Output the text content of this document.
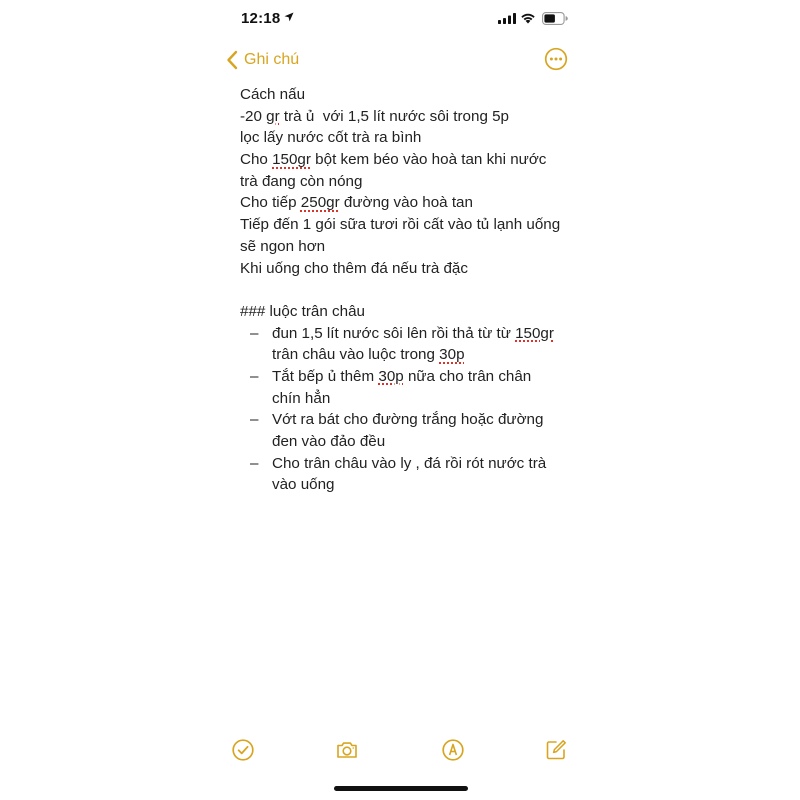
12:18
Ghi chú
Cách nấu
-20 gr trà ủ  với 1,5 lít nước sôi trong 5p
lọc lấy nước cốt trà ra bình
Cho 150gr bột kem béo vào hoà tan khi nước
trà đang còn nóng
Cho tiếp 250gr đường vào hoà tan
Tiếp đến 1 gói sữa tươi rồi cất vào tủ lạnh uống
sẽ ngon hơn
Khi uống cho thêm đá nếu trà đặc
### luộc trân châu
– đun 1,5 lít nước sôi lên rồi thả từ từ 150gr
trân châu vào luộc trong 30p
– Tắt bếp ủ thêm 30p nữa cho trân chân
chín hẳn
– Vớt ra bát cho đường trắng hoặc đường
đen vào đảo đều
– Cho trân châu vào ly , đá rồi rót nước trà
vào uống
